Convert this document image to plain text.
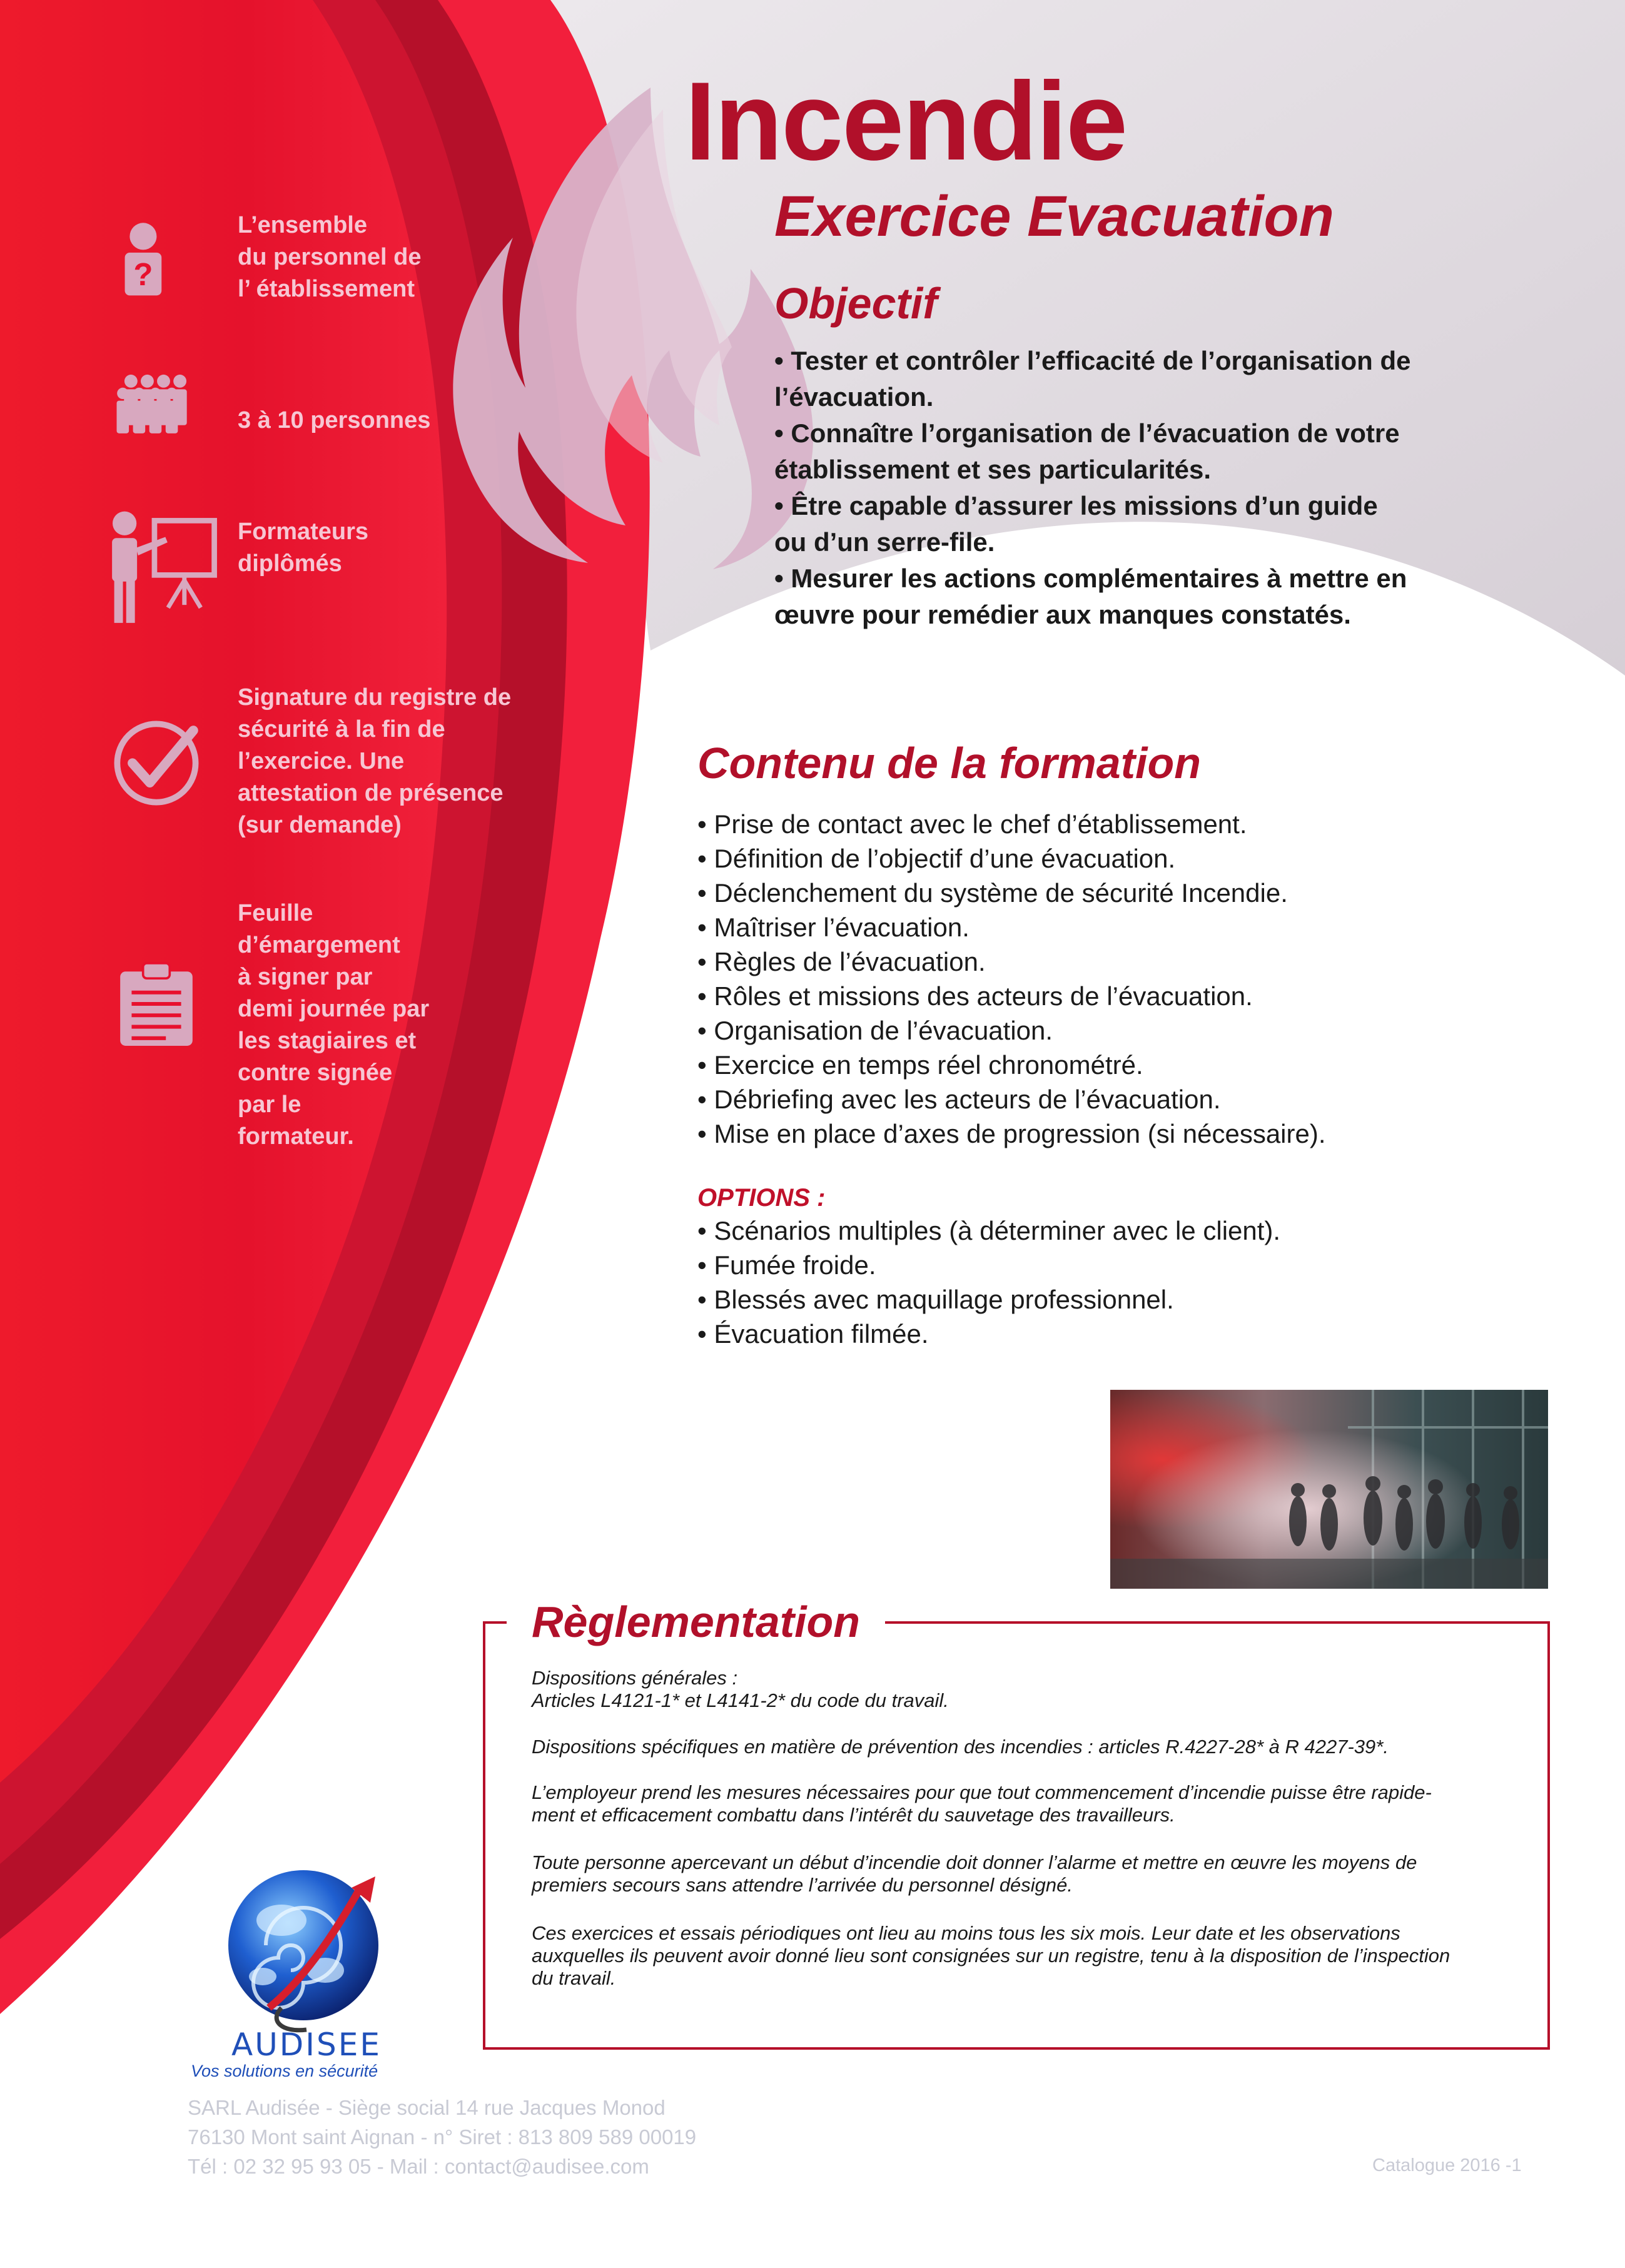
?
L’ensemble
du personnel de
l’ établissement
3 à 10 personnes
Formateurs
diplômés
Signature du registre de
sécurité à la fin de
l’exercice. Une
attestation de présence
(sur demande)
Feuille
d’émargement
à signer par
demi journée par
les stagiaires et
contre signée
par le
formateur.
Incendie
Exercice Evacuation
Objectif
• Tester et contrôler l’efficacité de l’organisation de l’évacuation.
• Connaître l’organisation de l’évacuation de votre établissement et ses particularités.
• Être capable d’assurer les missions d’un guide ou d’un serre-file.
• Mesurer les actions complémentaires à mettre en œuvre pour remédier aux manques constatés.
Contenu de la formation
• Prise de contact avec le chef d’établissement.
• Définition de l’objectif d’une évacuation.
• Déclenchement du système de sécurité Incendie.
• Maîtriser l’évacuation.
• Règles de l’évacuation.
• Rôles et missions des acteurs de l’évacuation.
• Organisation de l’évacuation.
• Exercice en temps réel chronométré.
• Débriefing avec les acteurs de l’évacuation.
• Mise en place d’axes de progression (si nécessaire).
OPTIONS :
• Scénarios multiples (à déterminer avec le client).
• Fumée froide.
• Blessés avec maquillage professionnel.
• Évacuation filmée.
Règlementation

Dispositions générales :
Articles L4121-1* et L4141-2* du code du travail.

Dispositions spécifiques en matière de prévention des incendies : articles R.4227-28* à R 4227-39*.

L’employeur prend les mesures nécessaires pour que tout commencement d’incendie puisse être rapide-
ment et efficacement combattu dans l’intérêt du sauvetage des travailleurs.

Toute personne apercevant un début d’incendie doit donner l’alarme et mettre en œuvre les moyens de
premiers secours sans attendre l’arrivée du personnel désigné.

Ces exercices et essais périodiques ont lieu au moins tous les six mois. Leur date et les observations
auxquelles ils peuvent avoir donné lieu sont consignées sur un registre, tenu à la disposition de l’inspection
du travail.

AUDISEE
Vos solutions en sécurité
SARL Audisée - Siège social 14 rue Jacques Monod
76130 Mont saint Aignan - n° Siret : 813 809 589 00019
Tél : 02 32 95 93 05 - Mail : contact@audisee.com	Catalogue 2016 -1
